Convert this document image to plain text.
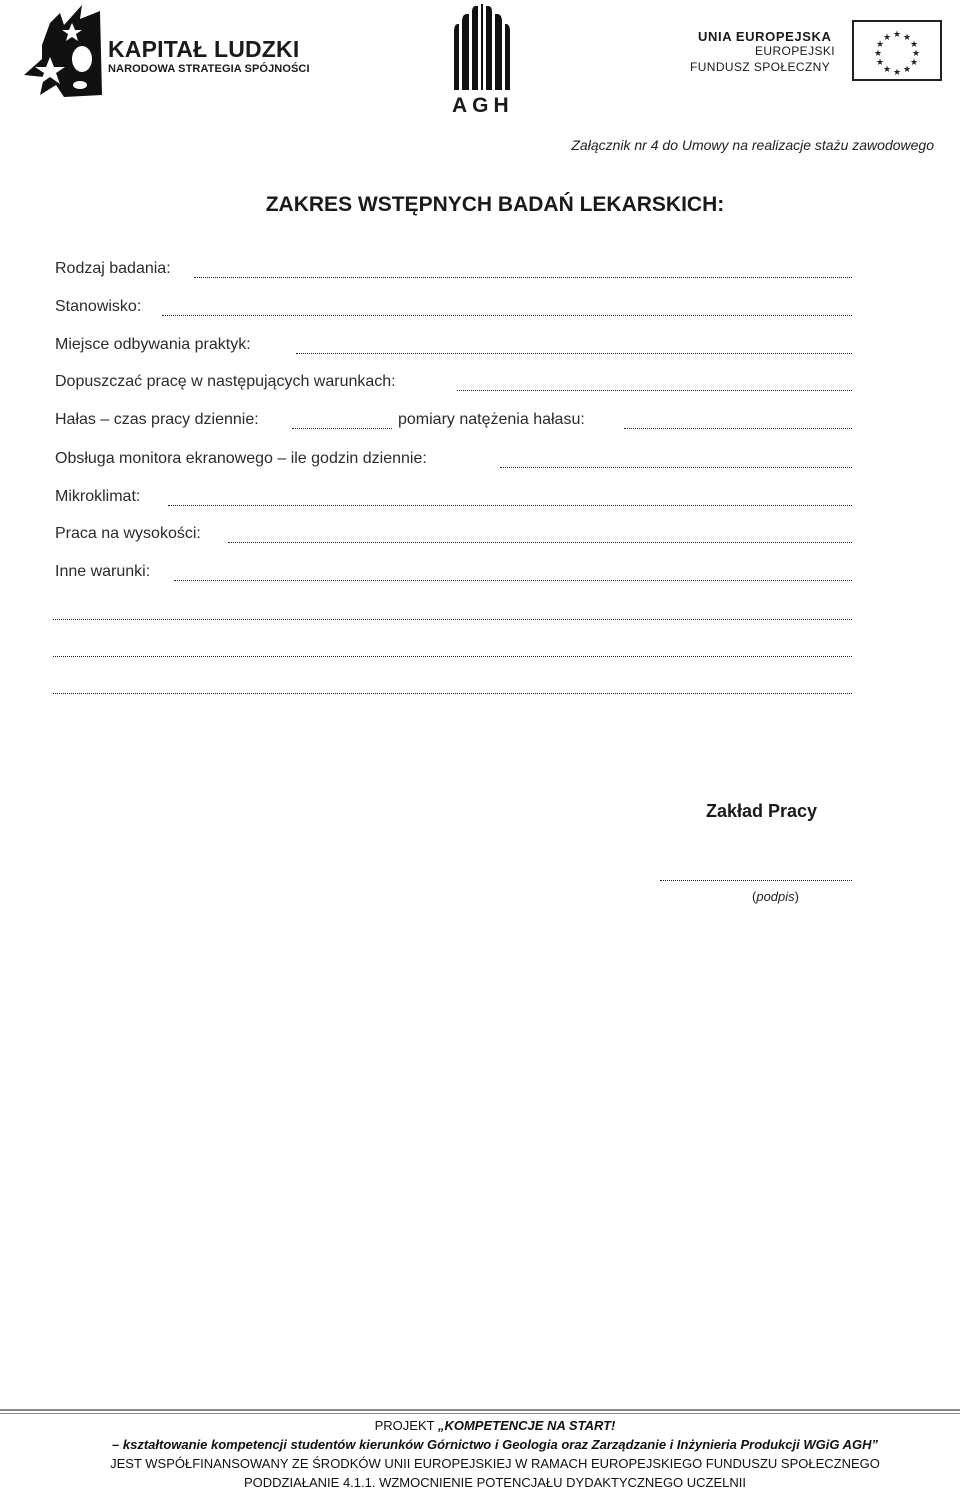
KAPITAŁ LUDZKI
NARODOWA STRATEGIA SPÓJNOŚCI
AGH
UNIA EUROPEJSKA
EUROPEJSKI
FUNDUSZ SPOŁECZNY
★ ★
★
★
★
★
★
★
★
★
★
★
Załącznik nr 4 do Umowy na realizacje stażu zawodowego
ZAKRES WSTĘPNYCH BADAŃ LEKARSKICH:
Rodzaj badania:
Stanowisko:
Miejsce odbywania praktyk:
Dopuszczać pracę w następujących warunkach:
Hałas – czas pracy dziennie:	pomiary natężenia hałasu:
Obsługa monitora ekranowego – ile godzin dziennie:
Mikroklimat:
Praca na wysokości:
Inne warunki:
Zakład Pracy
(podpis)
PROJEKT „KOMPETENCJE NA START!
– kształtowanie kompetencji studentów kierunków Górnictwo i Geologia oraz Zarządzanie i Inżynieria Produkcji WGiG AGH”
JEST WSPÓŁFINANSOWANY ZE ŚRODKÓW UNII EUROPEJSKIEJ W RAMACH EUROPEJSKIEGO FUNDUSZU SPOŁECZNEGO
PODDZIAŁANIE 4.1.1. WZMOCNIENIE POTENCJAŁU DYDAKTYCZNEGO UCZELNII
